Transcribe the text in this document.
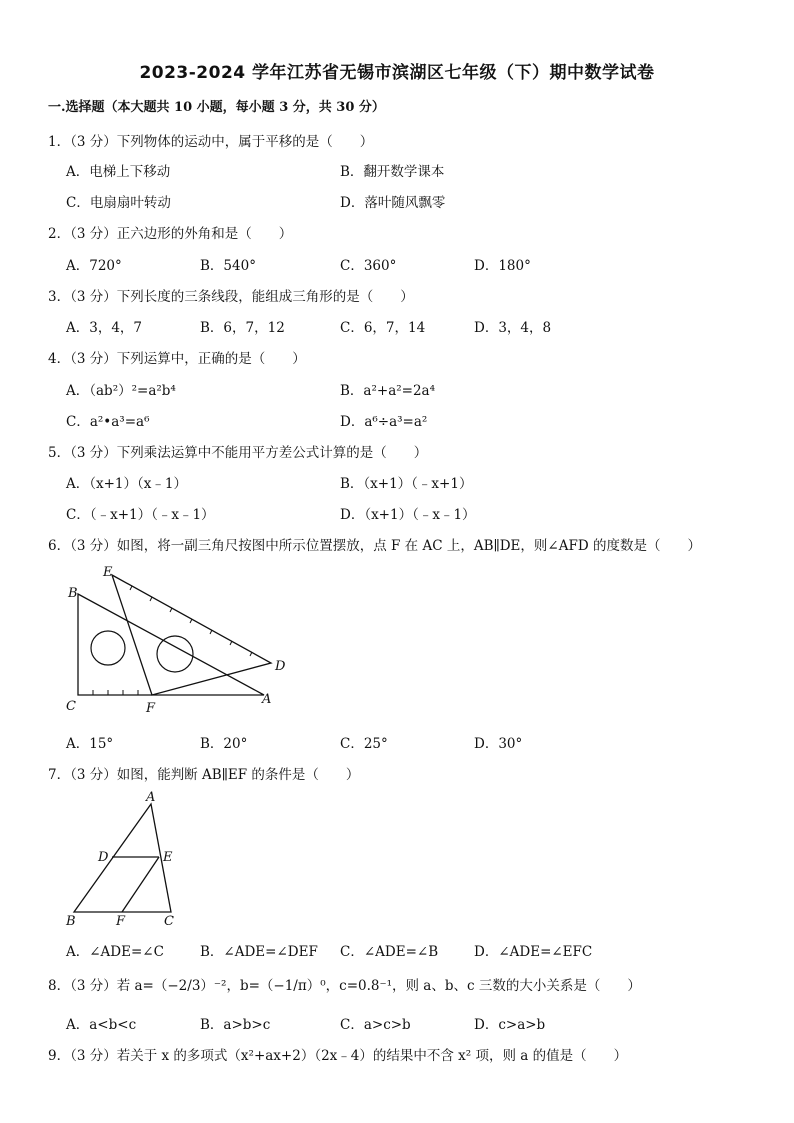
2023-2024 学年江苏省无锡市滨湖区七年级（下）期中数学试卷
一.选择题（本大题共 10 小题，每小题 3 分，共 30 分）
1．（3 分）下列物体的运动中，属于平移的是（　　）
A．电梯上下移动	B．翻开数学课本
C．电扇扇叶转动	D．落叶随风飘零
2．（3 分）正六边形的外角和是（　　）
A．720°	B．540°	C．360°	D．180°
3．（3 分）下列长度的三条线段，能组成三角形的是（　　）
A．3，4，7	B．6，7，12	C．6，7，14	D．3，4，8
4．（3 分）下列运算中，正确的是（　　）
A．（ab²）²=a²b⁴	B．a²+a²=2a⁴
C．a²•a³=a⁶	D．a⁶÷a³=a²
5．（3 分）下列乘法运算中不能用平方差公式计算的是（　　）
A．（x+1）（x﹣1）	B．（x+1）（﹣x+1）
C．（﹣x+1）（﹣x﹣1）	D．（x+1）（﹣x﹣1）
6．（3 分）如图，将一副三角尺按图中所示位置摆放，点 F 在 AC 上，AB∥DE，则∠AFD 的度数是（　　）
B
E
D
C	F
A
A．15°	B．20°	C．25°	D．30°
7．（3 分）如图，能判断 AB∥EF 的条件是（　　）
A
D	E
B	F	C
A．∠ADE=∠C	B．∠ADE=∠DEF C．∠ADE=∠B	D．∠ADE=∠EFC
8．（3 分）若 a=（−2/3）⁻²，b=（−1/π）⁰，c=0.8⁻¹，则 a、b、c 三数的大小关系是（　　）
A．a<b<c	B．a>b>c	C．a>c>b	D．c>a>b
9．（3 分）若关于 x 的多项式（x²+ax+2）（2x﹣4）的结果中不含 x² 项，则 a 的值是（　　）
